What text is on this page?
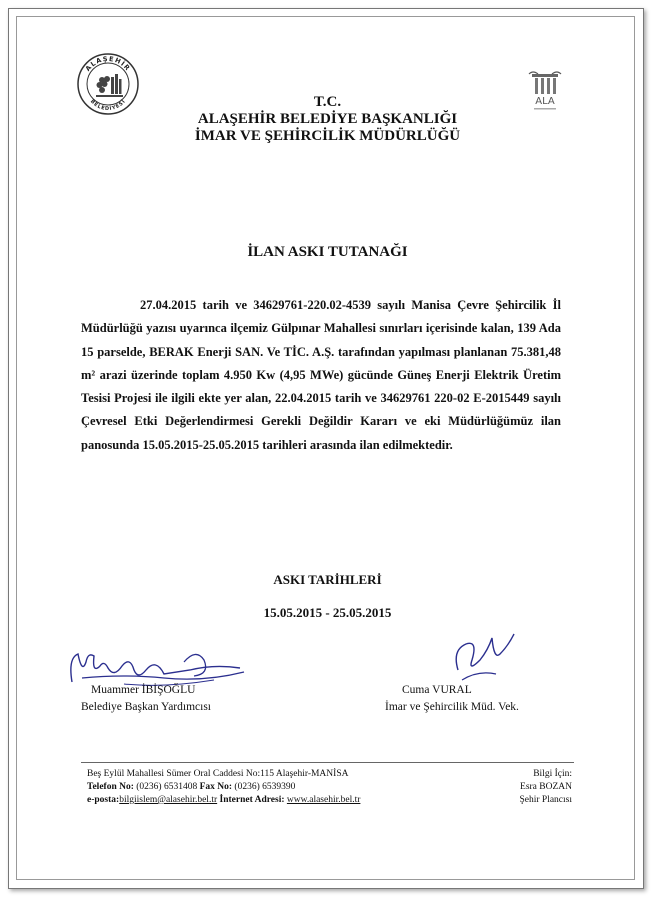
ALAŞEHİR
BELEDİYESİ	ALA
T.C.
ALAŞEHİR BELEDİYE BAŞKANLIĞI
İMAR VE ŞEHİRCİLİK MÜDÜRLÜĞÜ
İLAN ASKI TUTANAĞI

27.04.2015 tarih ve 34629761-220.02-4539 sayılı Manisa Çevre Şehircilik İl Müdürlüğü yazısı uyarınca ilçemiz Gülpınar Mahallesi sınırları içerisinde kalan, 139 Ada 15 parselde, BERAK Enerji SAN. Ve TİC. A.Ş. tarafından yapılması planlanan 75.381,48 m² arazi üzerinde toplam 4.950 Kw (4,95 MWe) gücünde Güneş Enerji Elektrik Üretim Tesisi Projesi ile ilgili ekte yer alan, 22.04.2015 tarih ve 34629761 220-02 E-2015449 sayılı Çevresel Etki Değerlendirmesi Gerekli Değildir Kararı ve eki Müdürlüğümüz ilan panosunda 15.05.2015-25.05.2015 tarihleri arasında ilan edilmektedir.

ASKI TARİHLERİ
15.05.2015 - 25.05.2015
Muammer İBİŞOĞLU
Belediye Başkan Yardımcısı
Cuma VURAL
İmar ve Şehircilik Müd. Vek.
Beş Eylül Mahallesi Sümer Oral Caddesi No:115 Alaşehir-MANİSA
Telefon No: (0236) 6531408 Fax No: (0236) 6539390
e-posta:bilgiislem@alasehir.bel.tr İnternet Adresi: www.alasehir.bel.tr
Bilgi İçin:
Esra BOZAN
Şehir Plancısı
